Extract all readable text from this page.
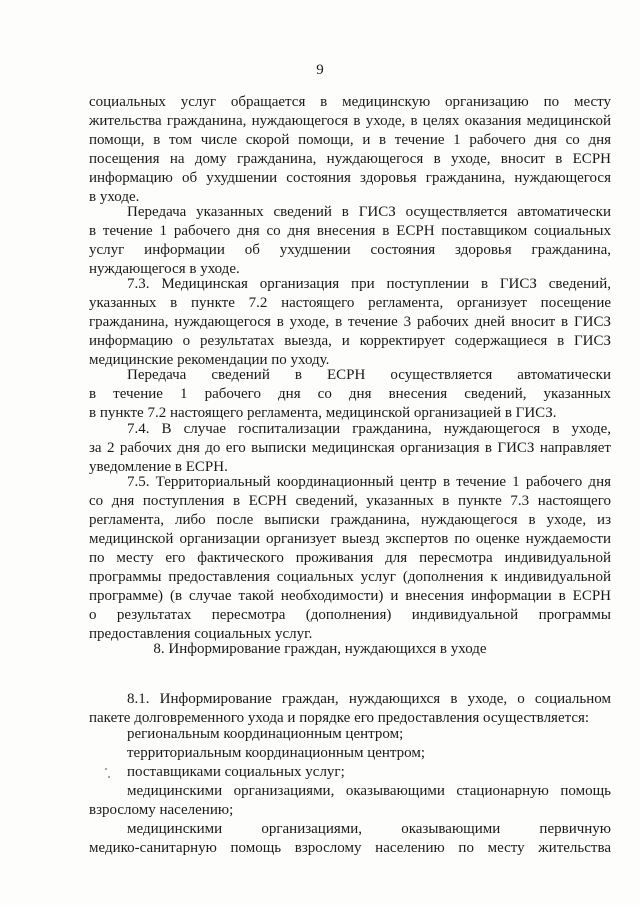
9
социальных услуг обращается в медицинскую организацию по месту
жительства гражданина, нуждающегося в уходе, в целях оказания медицинской
помощи, в том числе скорой помощи, и в течение 1 рабочего дня со дня
посещения на дому гражданина, нуждающегося в уходе, вносит в ЕСРН
информацию об ухудшении состояния здоровья гражданина, нуждающегося
в уходе.
Передача указанных сведений в ГИСЗ осуществляется автоматически
в течение 1 рабочего дня со дня внесения в ЕСРН поставщиком социальных
услуг информации об ухудшении состояния здоровья гражданина,
нуждающегося в уходе.
7.3. Медицинская организация при поступлении в ГИСЗ сведений,
указанных в пункте 7.2 настоящего регламента, организует посещение
гражданина, нуждающегося в уходе, в течение 3 рабочих дней вносит в ГИСЗ
информацию о результатах выезда, и корректирует содержащиеся в ГИСЗ
медицинские рекомендации по уходу.
Передача сведений в ЕСРН осуществляется автоматически
в течение 1 рабочего дня со дня внесения сведений, указанных
в пункте 7.2 настоящего регламента, медицинской организацией в ГИСЗ.
7.4. В случае госпитализации гражданина, нуждающегося в уходе,
за 2 рабочих дня до его выписки медицинская организация в ГИСЗ направляет
уведомление в ЕСРН.
7.5. Территориальный координационный центр в течение 1 рабочего дня
со дня поступления в ЕСРН сведений, указанных в пункте 7.3 настоящего
регламента, либо после выписки гражданина, нуждающегося в уходе, из
медицинской организации организует выезд экспертов по оценке нуждаемости
по месту его фактического проживания для пересмотра индивидуальной
программы предоставления социальных услуг (дополнения к индивидуальной
программе) (в случае такой необходимости) и внесения информации в ЕСРН
о результатах пересмотра (дополнения) индивидуальной программы
предоставления социальных услуг.
8. Информирование граждан, нуждающихся в уходе
8.1. Информирование граждан, нуждающихся в уходе, о социальном
пакете долговременного ухода и порядке его предоставления осуществляется:
региональным координационным центром;
территориальным координационным центром;
поставщиками социальных услуг;
медицинскими организациями, оказывающими стационарную помощь
взрослому населению;
медицинскими организациями, оказывающими первичную
медико-санитарную помощь взрослому населению по месту жительства
